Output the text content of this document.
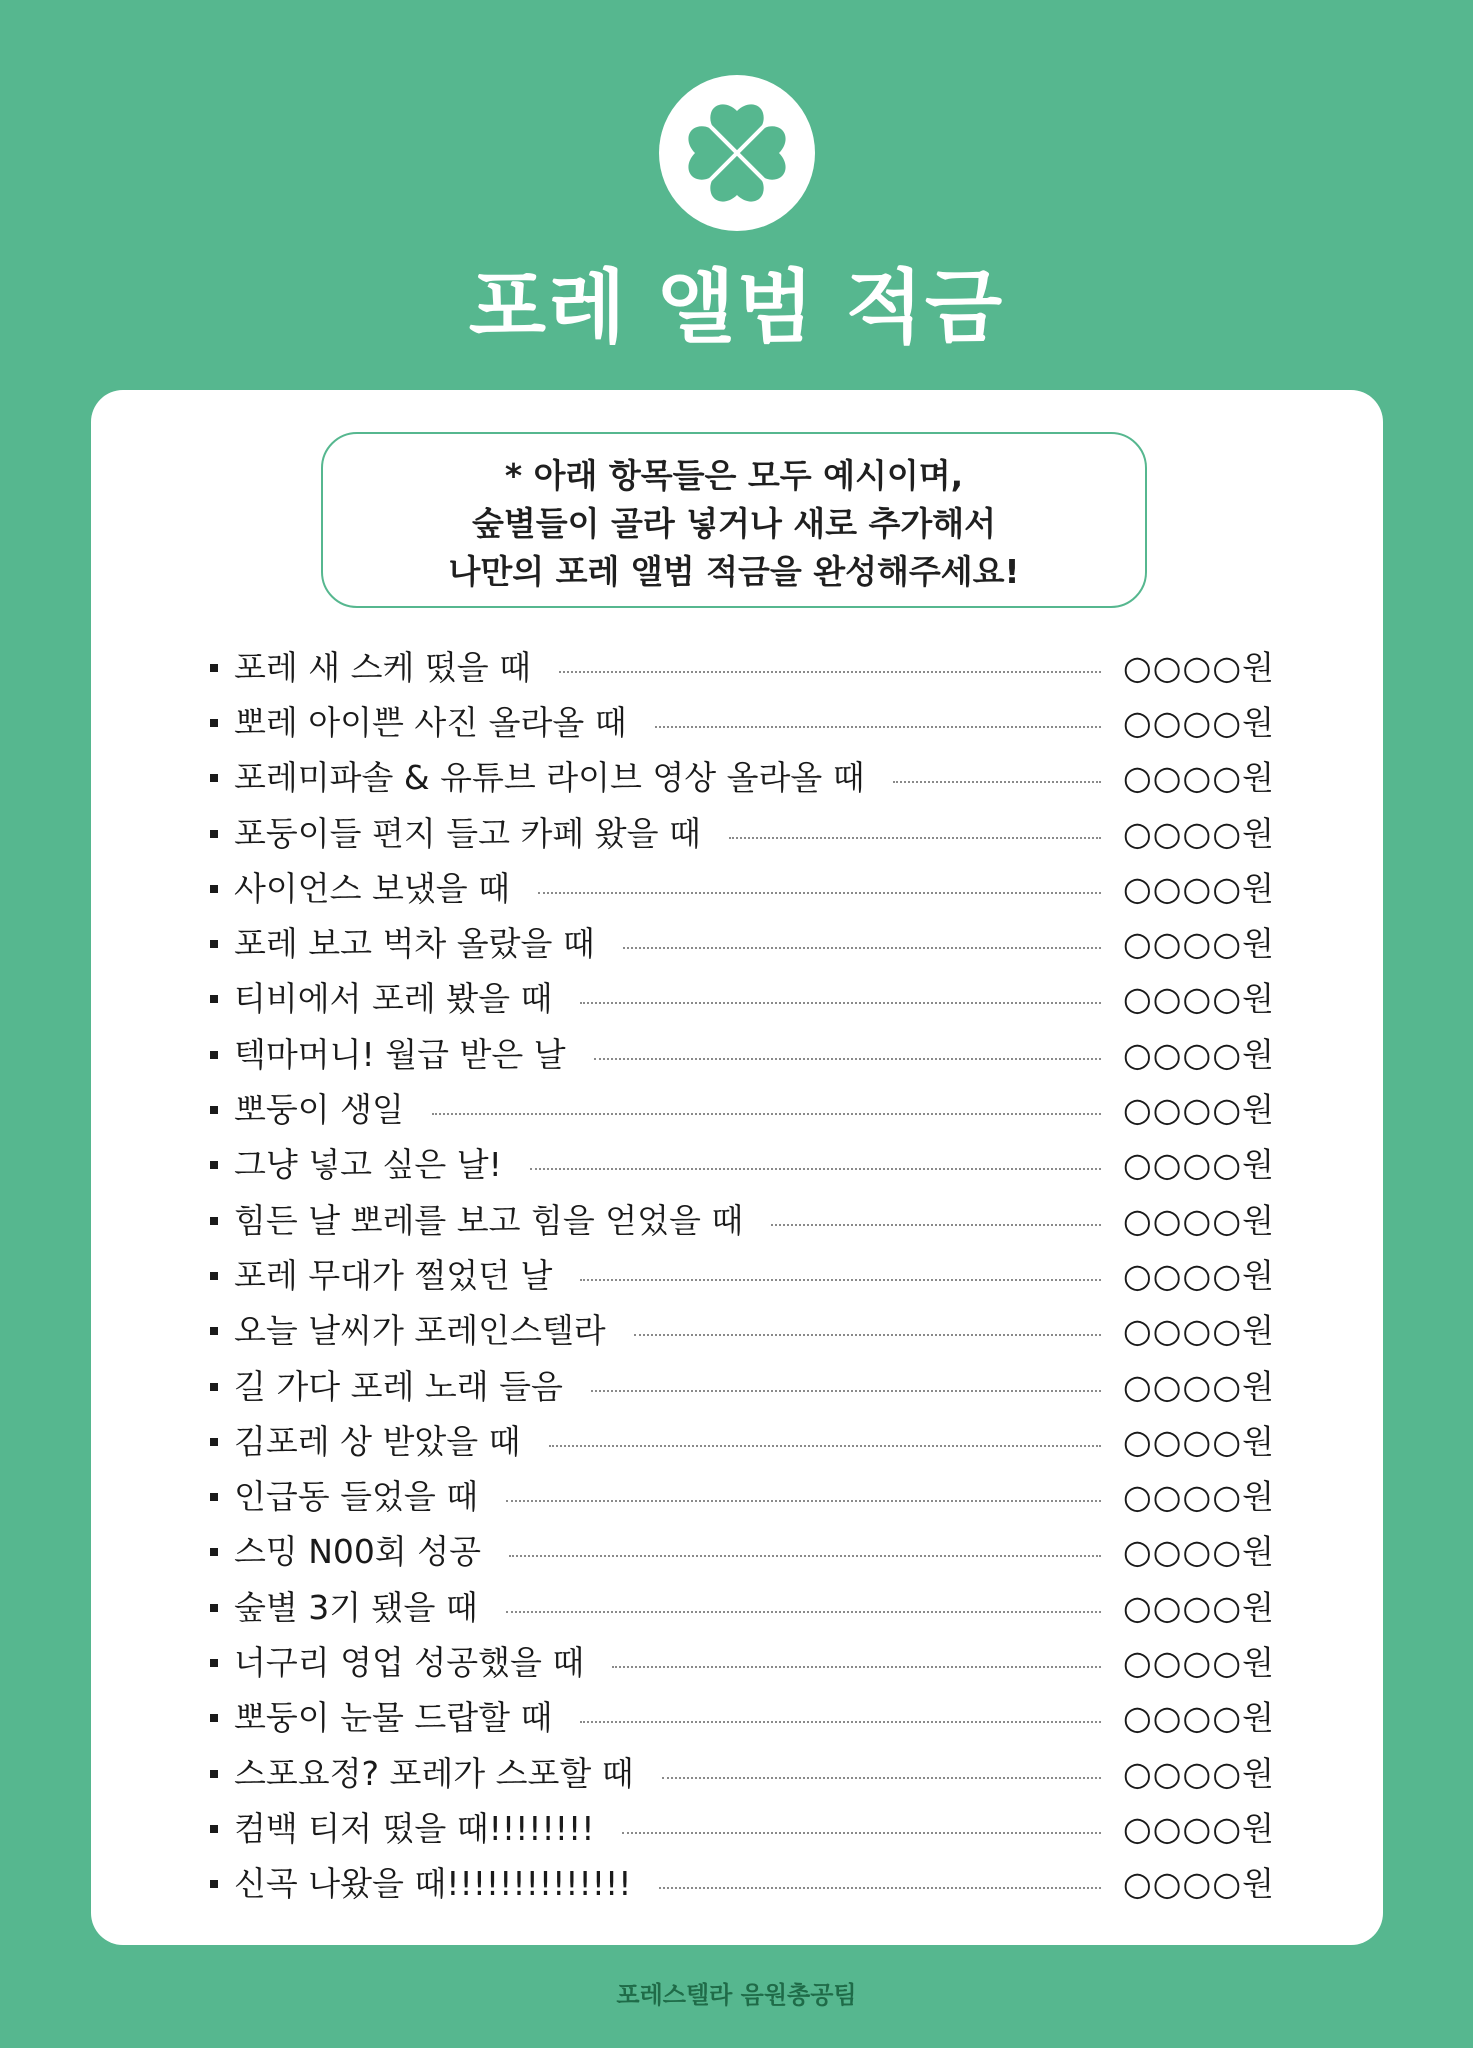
포레 앨범 적금
* 아래 항목들은 모두 예시이며,
숲별들이 골라 넣거나 새로 추가해서
나만의 포레 앨범 적금을 완성해주세요!
포레 새 스케 떴을 때	○○○○원
뽀레 아이쁜 사진 올라올 때	○○○○원
포레미파솔 & 유튜브 라이브 영상 올라올 때	○○○○원
포둥이들 편지 들고 카페 왔을 때	○○○○원
사이언스 보냈을 때	○○○○원
포레 보고 벅차 올랐을 때	○○○○원
티비에서 포레 봤을 때	○○○○원
텍마머니! 월급 받은 날	○○○○원
뽀둥이 생일	○○○○원
그냥 넣고 싶은 날!	○○○○원
힘든 날 뽀레를 보고 힘을 얻었을 때	○○○○원
포레 무대가 쩔었던 날	○○○○원
오늘 날씨가 포레인스텔라	○○○○원
길 가다 포레 노래 들음	○○○○원
김포레 상 받았을 때	○○○○원
인급동 들었을 때	○○○○원
스밍 N00회 성공	○○○○원
숲별 3기 됐을 때	○○○○원
너구리 영업 성공했을 때	○○○○원
뽀둥이 눈물 드랍할 때	○○○○원
스포요정? 포레가 스포할 때	○○○○원
컴백 티저 떴을 때!!!!!!!!	○○○○원
신곡 나왔을 때!!!!!!!!!!!!!!	○○○○원
포레스텔라 음원총공팀
